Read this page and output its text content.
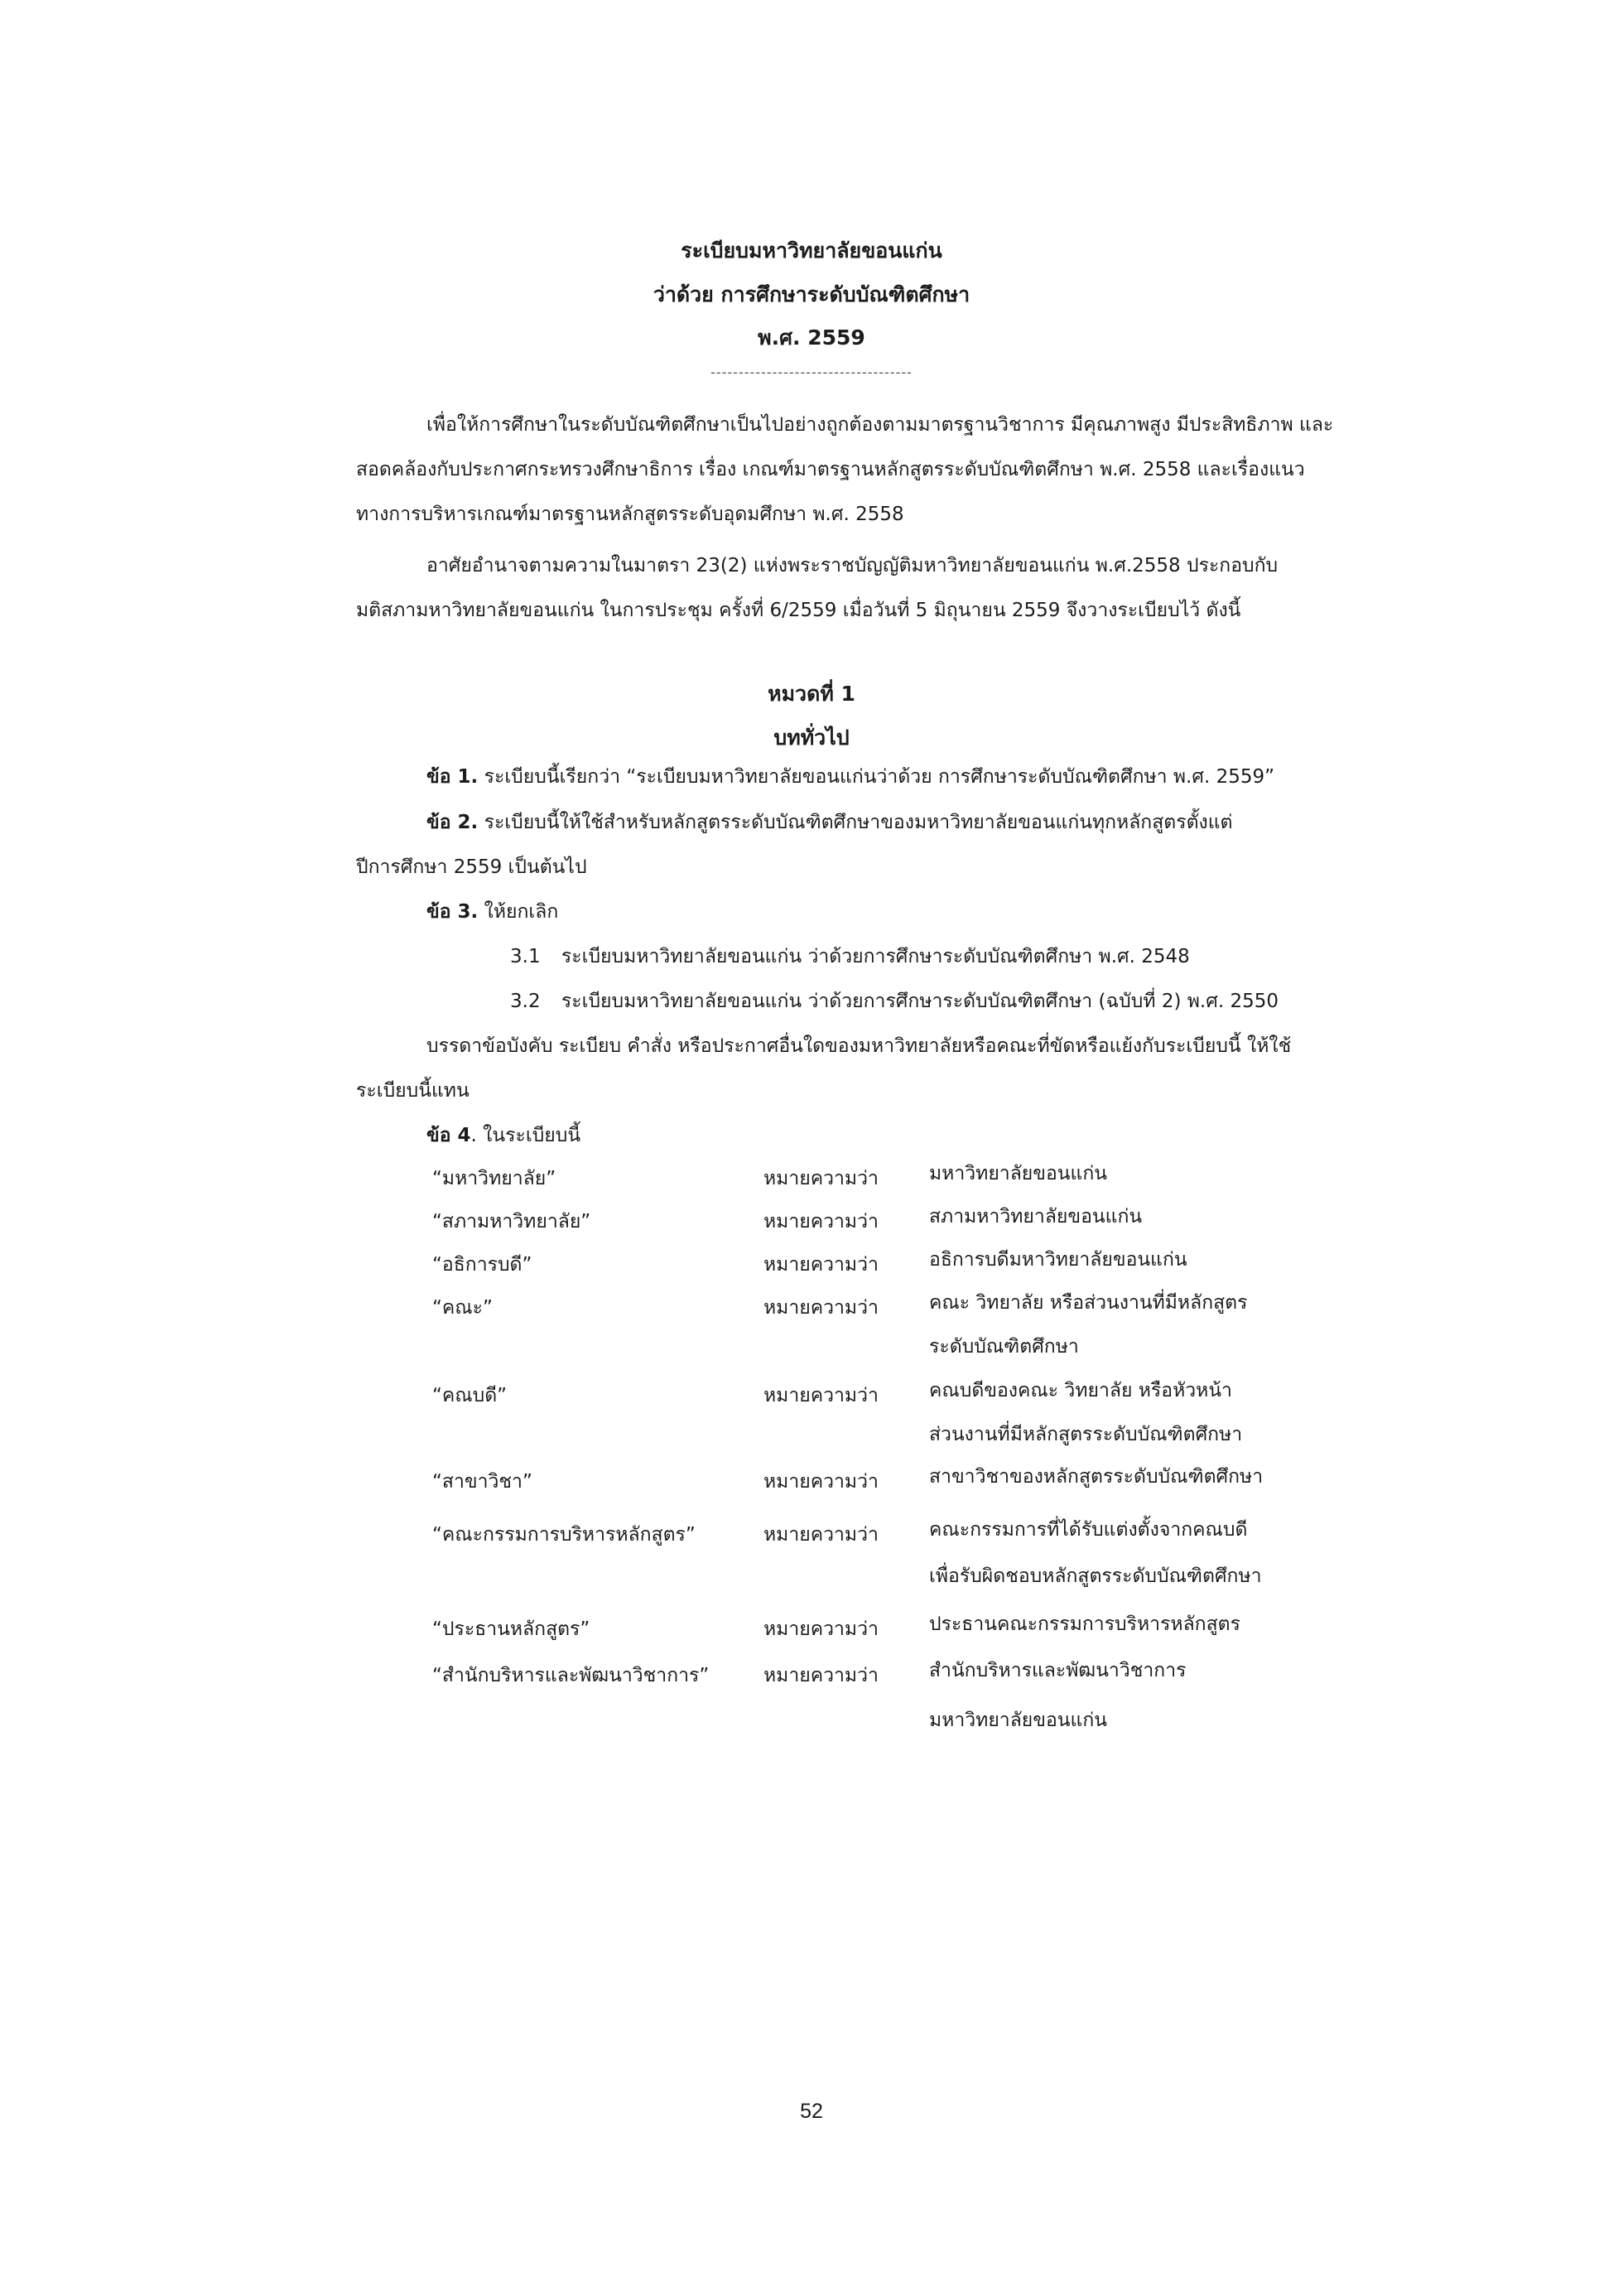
ระเบียบมหาวิทยาลัยขอนแก่น
ว่าด้วย การศึกษาระดับบัณฑิตศึกษา
พ.ศ. 2559
------------------------------------
เพื่อให้การศึกษาในระดับบัณฑิตศึกษาเป็นไปอย่างถูกต้องตามมาตรฐานวิชาการ มีคุณภาพสูง มีประสิทธิภาพ และ
สอดคล้องกับประกาศกระทรวงศึกษาธิการ เรื่อง เกณฑ์มาตรฐานหลักสูตรระดับบัณฑิตศึกษา พ.ศ. 2558 และเรื่องแนว
ทางการบริหารเกณฑ์มาตรฐานหลักสูตรระดับอุดมศึกษา พ.ศ. 2558
อาศัยอำนาจตามความในมาตรา 23(2) แห่งพระราชบัญญัติมหาวิทยาลัยขอนแก่น พ.ศ.2558 ประกอบกับ
มติสภามหาวิทยาลัยขอนแก่น ในการประชุม ครั้งที่ 6/2559 เมื่อวันที่ 5 มิถุนายน 2559 จึงวางระเบียบไว้ ดังนี้
หมวดที่ 1
บททั่วไป
ข้อ 1. ระเบียบนี้เรียกว่า “ระเบียบมหาวิทยาลัยขอนแก่นว่าด้วย การศึกษาระดับบัณฑิตศึกษา พ.ศ. 2559”
ข้อ 2. ระเบียบนี้ให้ใช้สำหรับหลักสูตรระดับบัณฑิตศึกษาของมหาวิทยาลัยขอนแก่นทุกหลักสูตรตั้งแต่
ปีการศึกษา 2559 เป็นต้นไป
ข้อ 3. ให้ยกเลิก
3.1 ระเบียบมหาวิทยาลัยขอนแก่น ว่าด้วยการศึกษาระดับบัณฑิตศึกษา พ.ศ. 2548
3.2 ระเบียบมหาวิทยาลัยขอนแก่น ว่าด้วยการศึกษาระดับบัณฑิตศึกษา (ฉบับที่ 2) พ.ศ. 2550
บรรดาข้อบังคับ ระเบียบ คำสั่ง หรือประกาศอื่นใดของมหาวิทยาลัยหรือคณะที่ขัดหรือแย้งกับระเบียบนี้ ให้ใช้
ระเบียบนี้แทน
ข้อ 4. ในระเบียบนี้
“มหาวิทยาลัย”	หมายความว่า	มหาวิทยาลัยขอนแก่น
“สภามหาวิทยาลัย”	หมายความว่า	สภามหาวิทยาลัยขอนแก่น
“อธิการบดี”	หมายความว่า	อธิการบดีมหาวิทยาลัยขอนแก่น
“คณะ”	หมายความว่า	คณะ วิทยาลัย หรือส่วนงานที่มีหลักสูตร
ระดับบัณฑิตศึกษา
“คณบดี”	หมายความว่า	คณบดีของคณะ วิทยาลัย หรือหัวหน้า
ส่วนงานที่มีหลักสูตรระดับบัณฑิตศึกษา
“สาขาวิชา”	หมายความว่า	สาขาวิชาของหลักสูตรระดับบัณฑิตศึกษา
“คณะกรรมการบริหารหลักสูตร”	หมายความว่า	คณะกรรมการที่ได้รับแต่งตั้งจากคณบดี
เพื่อรับผิดชอบหลักสูตรระดับบัณฑิตศึกษา
“ประธานหลักสูตร”	หมายความว่า	ประธานคณะกรรมการบริหารหลักสูตร
“สำนักบริหารและพัฒนาวิชาการ”	หมายความว่า	สำนักบริหารและพัฒนาวิชาการ
มหาวิทยาลัยขอนแก่น
52
